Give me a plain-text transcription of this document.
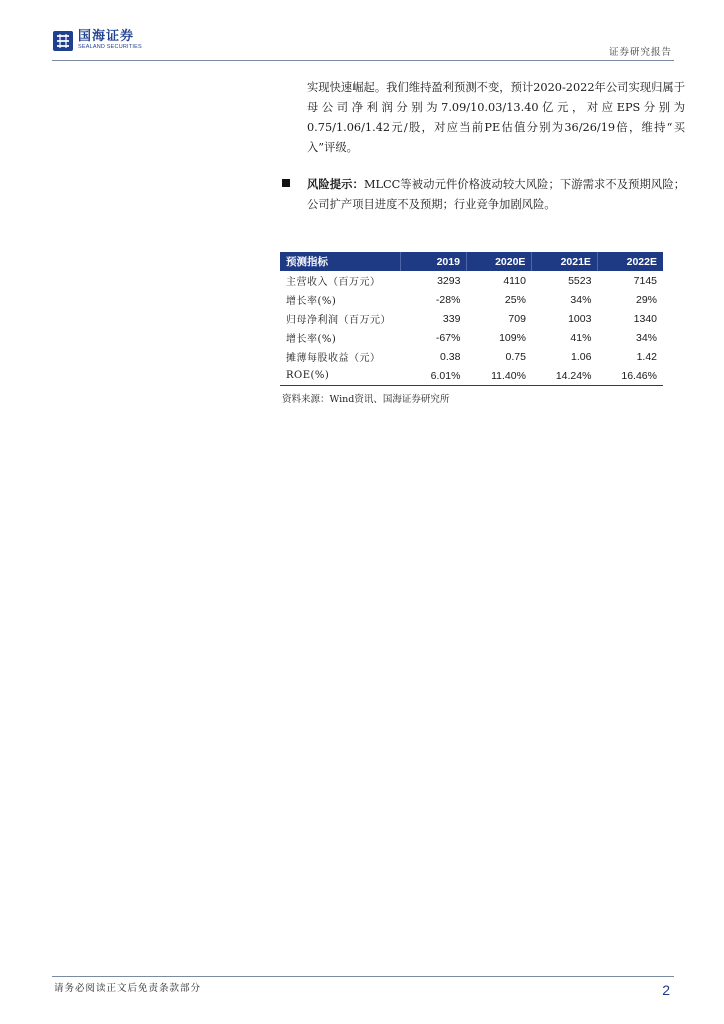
国海证券
SEALAND SECURITIES	证券研究报告
实现快速崛起。我们维持盈利预测不变，预计2020-2022年公司实现归属于母公司净利润分别为7.09/10.03/13.40亿元，对应EPS分别为0.75/1.06/1.42元/股，对应当前PE估值分别为36/26/19倍，维持“买入”评级。
风险提示：MLCC等被动元件价格波动较大风险；下游需求不及预期风险；公司扩产项目进度不及预期；行业竞争加剧风险。
预测指标	2019	2020E	2021E	2022E
主营收入（百万元）	3293	4110	5523	7145
增长率(%)	-28%	25%	34%	29%
归母净利润（百万元）	339	709	1003	1340
增长率(%)	-67%	109%	41%	34%
摊薄每股收益（元）	0.38	0.75	1.06	1.42
ROE(%)	6.01%	11.40%	14.24%	16.46%
资料来源：Wind资讯、国海证券研究所
请务必阅读正文后免责条款部分	2
